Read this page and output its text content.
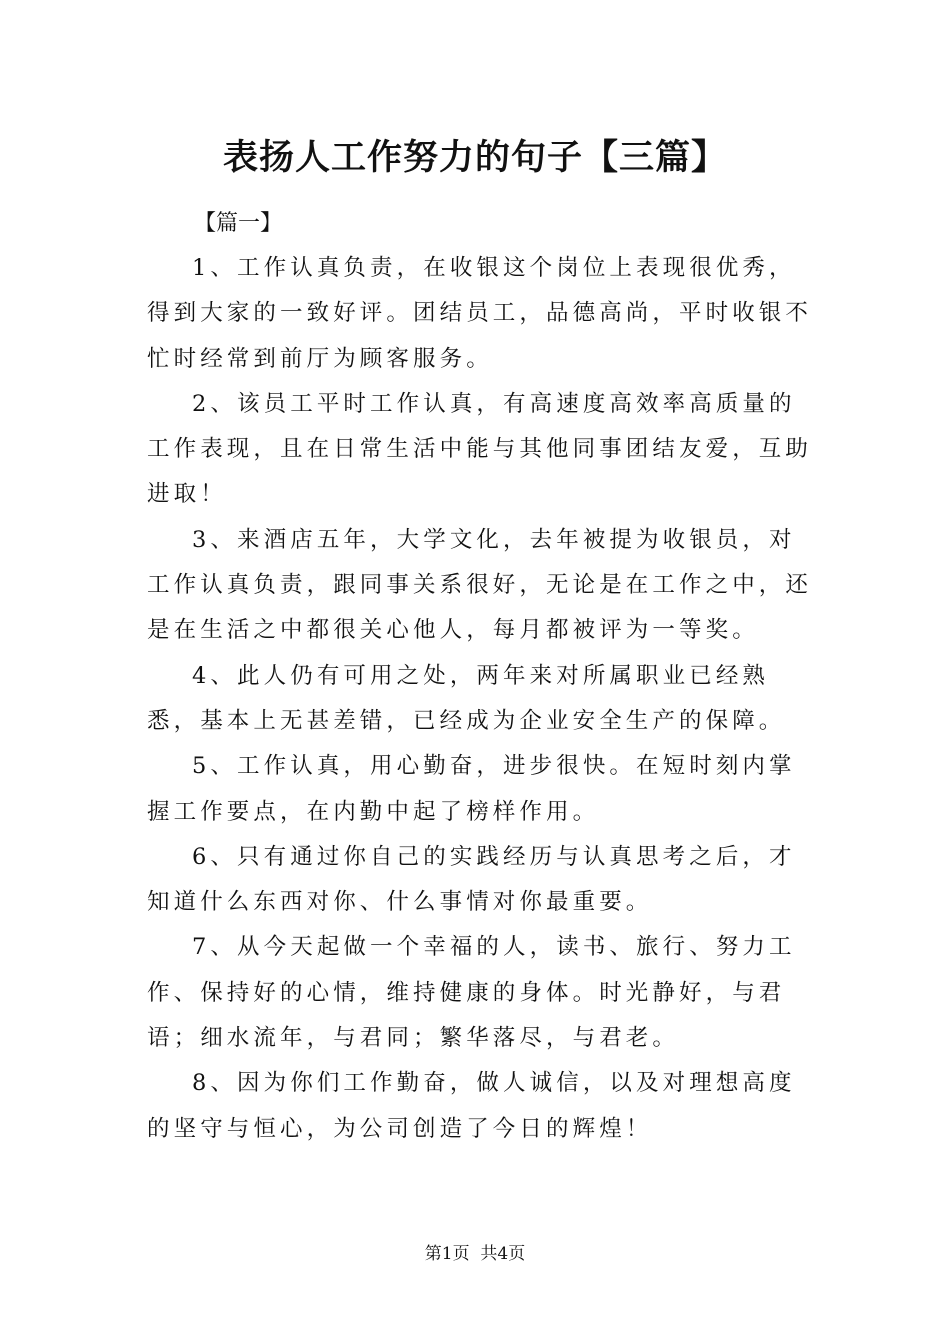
表扬人工作努力的句子【三篇】
【篇一】

1、工作认真负责，在收银这个岗位上表现很优秀，得到大家的一致好评。团结员工，品德高尚，平时收银不忙时经常到前厅为顾客服务。

2、该员工平时工作认真，有高速度高效率高质量的工作表现，且在日常生活中能与其他同事团结友爱，互助进取！

3、来酒店五年，大学文化，去年被提为收银员，对工作认真负责，跟同事关系很好，无论是在工作之中，还是在生活之中都很关心他人，每月都被评为一等奖。

4、此人仍有可用之处，两年来对所属职业已经熟悉，基本上无甚差错，已经成为企业安全生产的保障。

5、工作认真，用心勤奋，进步很快。在短时刻内掌握工作要点，在内勤中起了榜样作用。

6、只有通过你自己的实践经历与认真思考之后，才知道什么东西对你、什么事情对你最重要。

7、从今天起做一个幸福的人，读书、旅行、努力工作、保持好的心情，维持健康的身体。时光静好，与君语；细水流年，与君同；繁华落尽，与君老。

8、因为你们工作勤奋，做人诚信，以及对理想高度的坚守与恒心，为公司创造了今日的辉煌！

第1页  共4页
